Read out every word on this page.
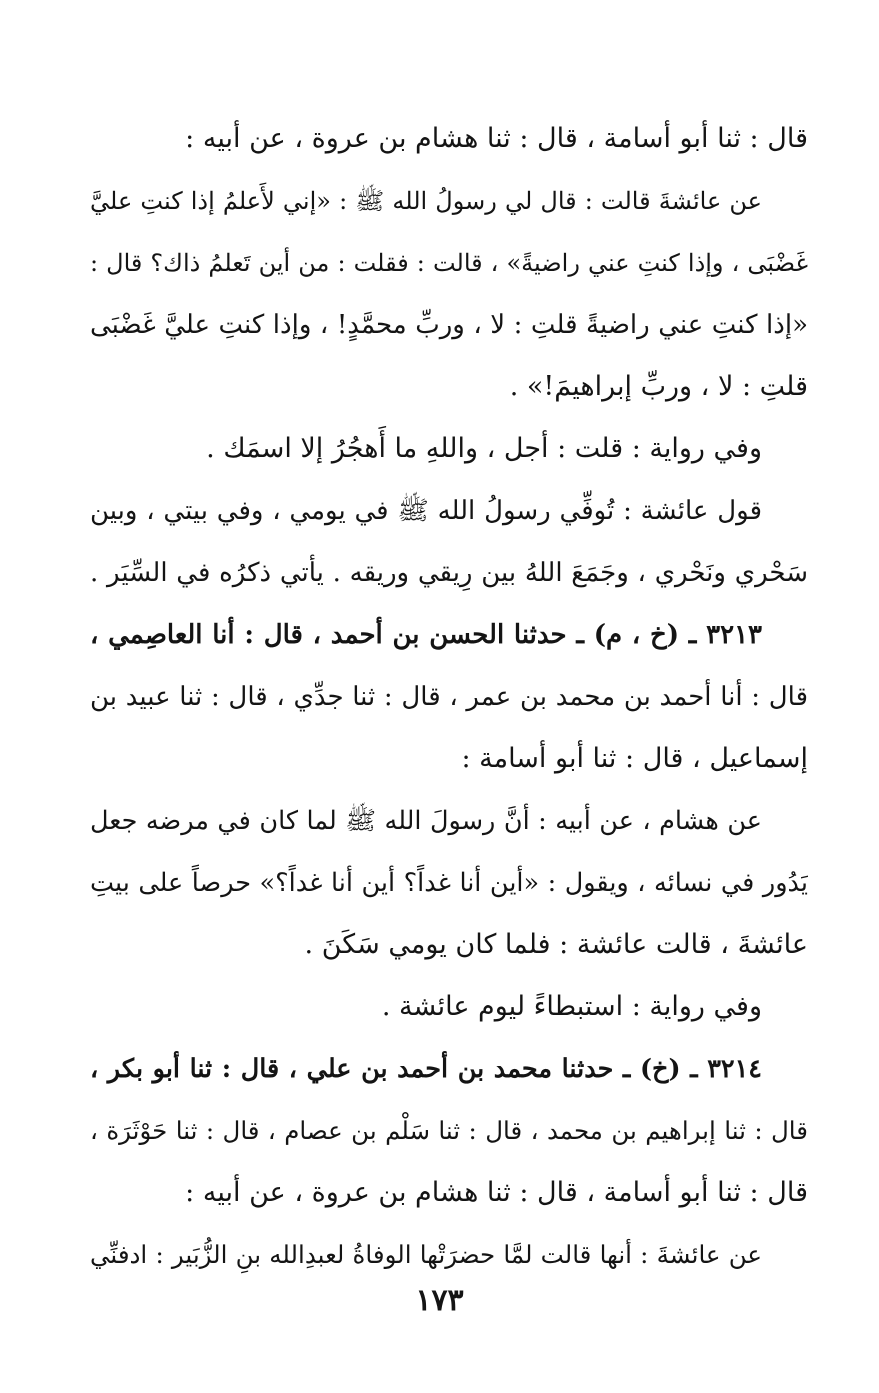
قال : ثنا أبو أسامة ، قال : ثنا هشام بن عروة ، عن أبيه :
عن عائشةَ قالت : قال لي رسولُ الله ﷺ : «إني لأَعلمُ إذا كنتِ عليَّ
غَضْبَى ، وإذا كنتِ عني راضيةً» ، قالت : فقلت : من أين تَعلمُ ذاك؟ قال :
«إذا كنتِ عني راضيةً قلتِ : لا ، وربِّ محمَّدٍ! ، وإذا كنتِ عليَّ غَضْبَى
قلتِ : لا ، وربِّ إبراهيمَ!» .
وفي رواية : قلت : أجل ، واللهِ ما أَهجُرُ إلا اسمَك .
قول عائشة : تُوفِّي رسولُ الله ﷺ في يومي ، وفي بيتي ، وبين
سَحْري ونَحْري ، وجَمَعَ اللهُ بين رِيقي وريقه . يأتي ذكرُه في السِّيَر .
٣٢١٣ ـ (خ ، م) ـ حدثنا الحسن بن أحمد ، قال : أنا العاصِمي ،
قال : أنا أحمد بن محمد بن عمر ، قال : ثنا جدِّي ، قال : ثنا عبيد بن
إسماعيل ، قال : ثنا أبو أسامة :
عن هشام ، عن أبيه : أنَّ رسولَ الله ﷺ لما كان في مرضه جعل
يَدُور في نسائه ، ويقول : «أين أنا غداً؟ أين أنا غداً؟» حرصاً على بيتِ
عائشةَ ، قالت عائشة : فلما كان يومي سَكَنَ .
وفي رواية : استبطاءً ليوم عائشة .
٣٢١٤ ـ (خ) ـ حدثنا محمد بن أحمد بن علي ، قال : ثنا أبو بكر ،
قال : ثنا إبراهيم بن محمد ، قال : ثنا سَلْم بن عصام ، قال : ثنا حَوْثَرَة ،
قال : ثنا أبو أسامة ، قال : ثنا هشام بن عروة ، عن أبيه :
عن عائشةَ : أنها قالت لمَّا حضرَتْها الوفاةُ لعبدِالله بنِ الزُّبَير : ادفنِّي
١٧٣
